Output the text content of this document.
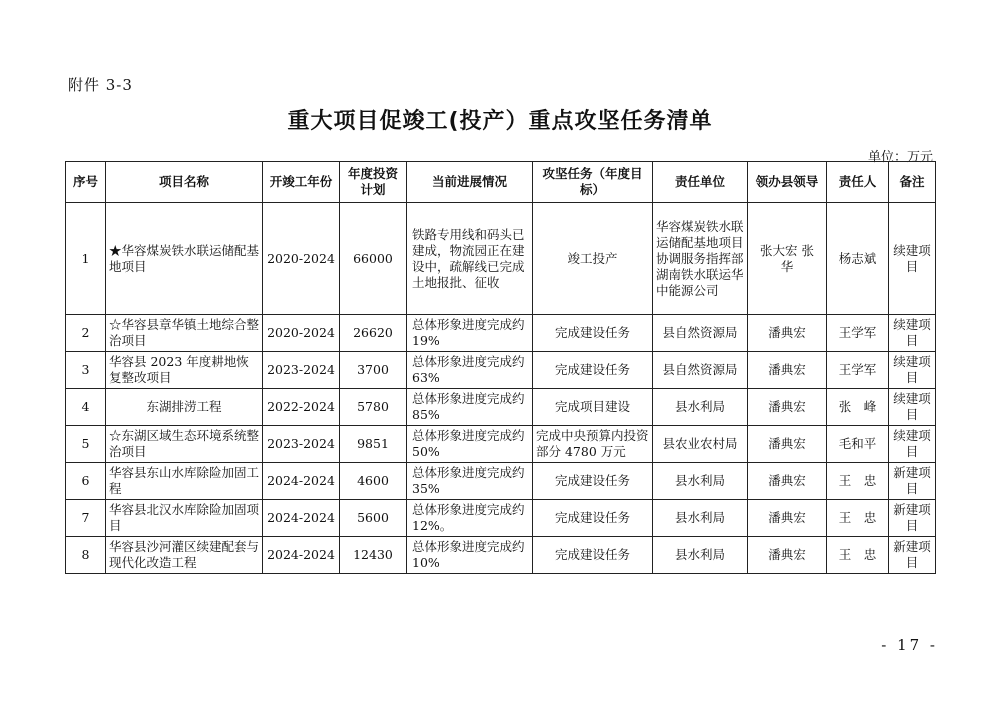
附件 3-3
重大项目促竣工(投产）重点攻坚任务清单
单位：万元
序号	项目名称	开竣工年份	年度投资计划	当前进展情况	攻坚任务（年度目标）	责任单位	领办县领导	责任人	备注
1	★华容煤炭铁水联运储配基地项目	2020-2024	66000	铁路专用线和码头已建成，物流园正在建设中，疏解线已完成土地报批、征收	竣工投产	华容煤炭铁水联运储配基地项目协调服务指挥部 湖南铁水联运华中能源公司	张大宏 张　华	杨志斌	续建项目
2	☆华容县章华镇土地综合整治项目	2020-2024	26620	总体形象进度完成约19%	完成建设任务	县自然资源局	潘典宏	王学军	续建项目
3	华容县 2023 年度耕地恢复整改项目	2023-2024	3700	总体形象进度完成约63%	完成建设任务	县自然资源局	潘典宏	王学军	续建项目
4	东湖排涝工程	2022-2024	5780	总体形象进度完成约85%	完成项目建设	县水利局	潘典宏	张　峰	续建项目
5	☆东湖区域生态环境系统整治项目	2023-2024	9851	总体形象进度完成约50%	完成中央预算内投资部分 4780 万元	县农业农村局	潘典宏	毛和平	续建项目
6	华容县东山水库除险加固工程	2024-2024	4600	总体形象进度完成约35%	完成建设任务	县水利局	潘典宏	王　忠	新建项目
7	华容县北汉水库除险加固项目	2024-2024	5600	总体形象进度完成约12%。	完成建设任务	县水利局	潘典宏	王　忠	新建项目
8	华容县沙河灌区续建配套与现代化改造工程	2024-2024	12430	总体形象进度完成约10%	完成建设任务	县水利局	潘典宏	王　忠	新建项目
- 17 -
